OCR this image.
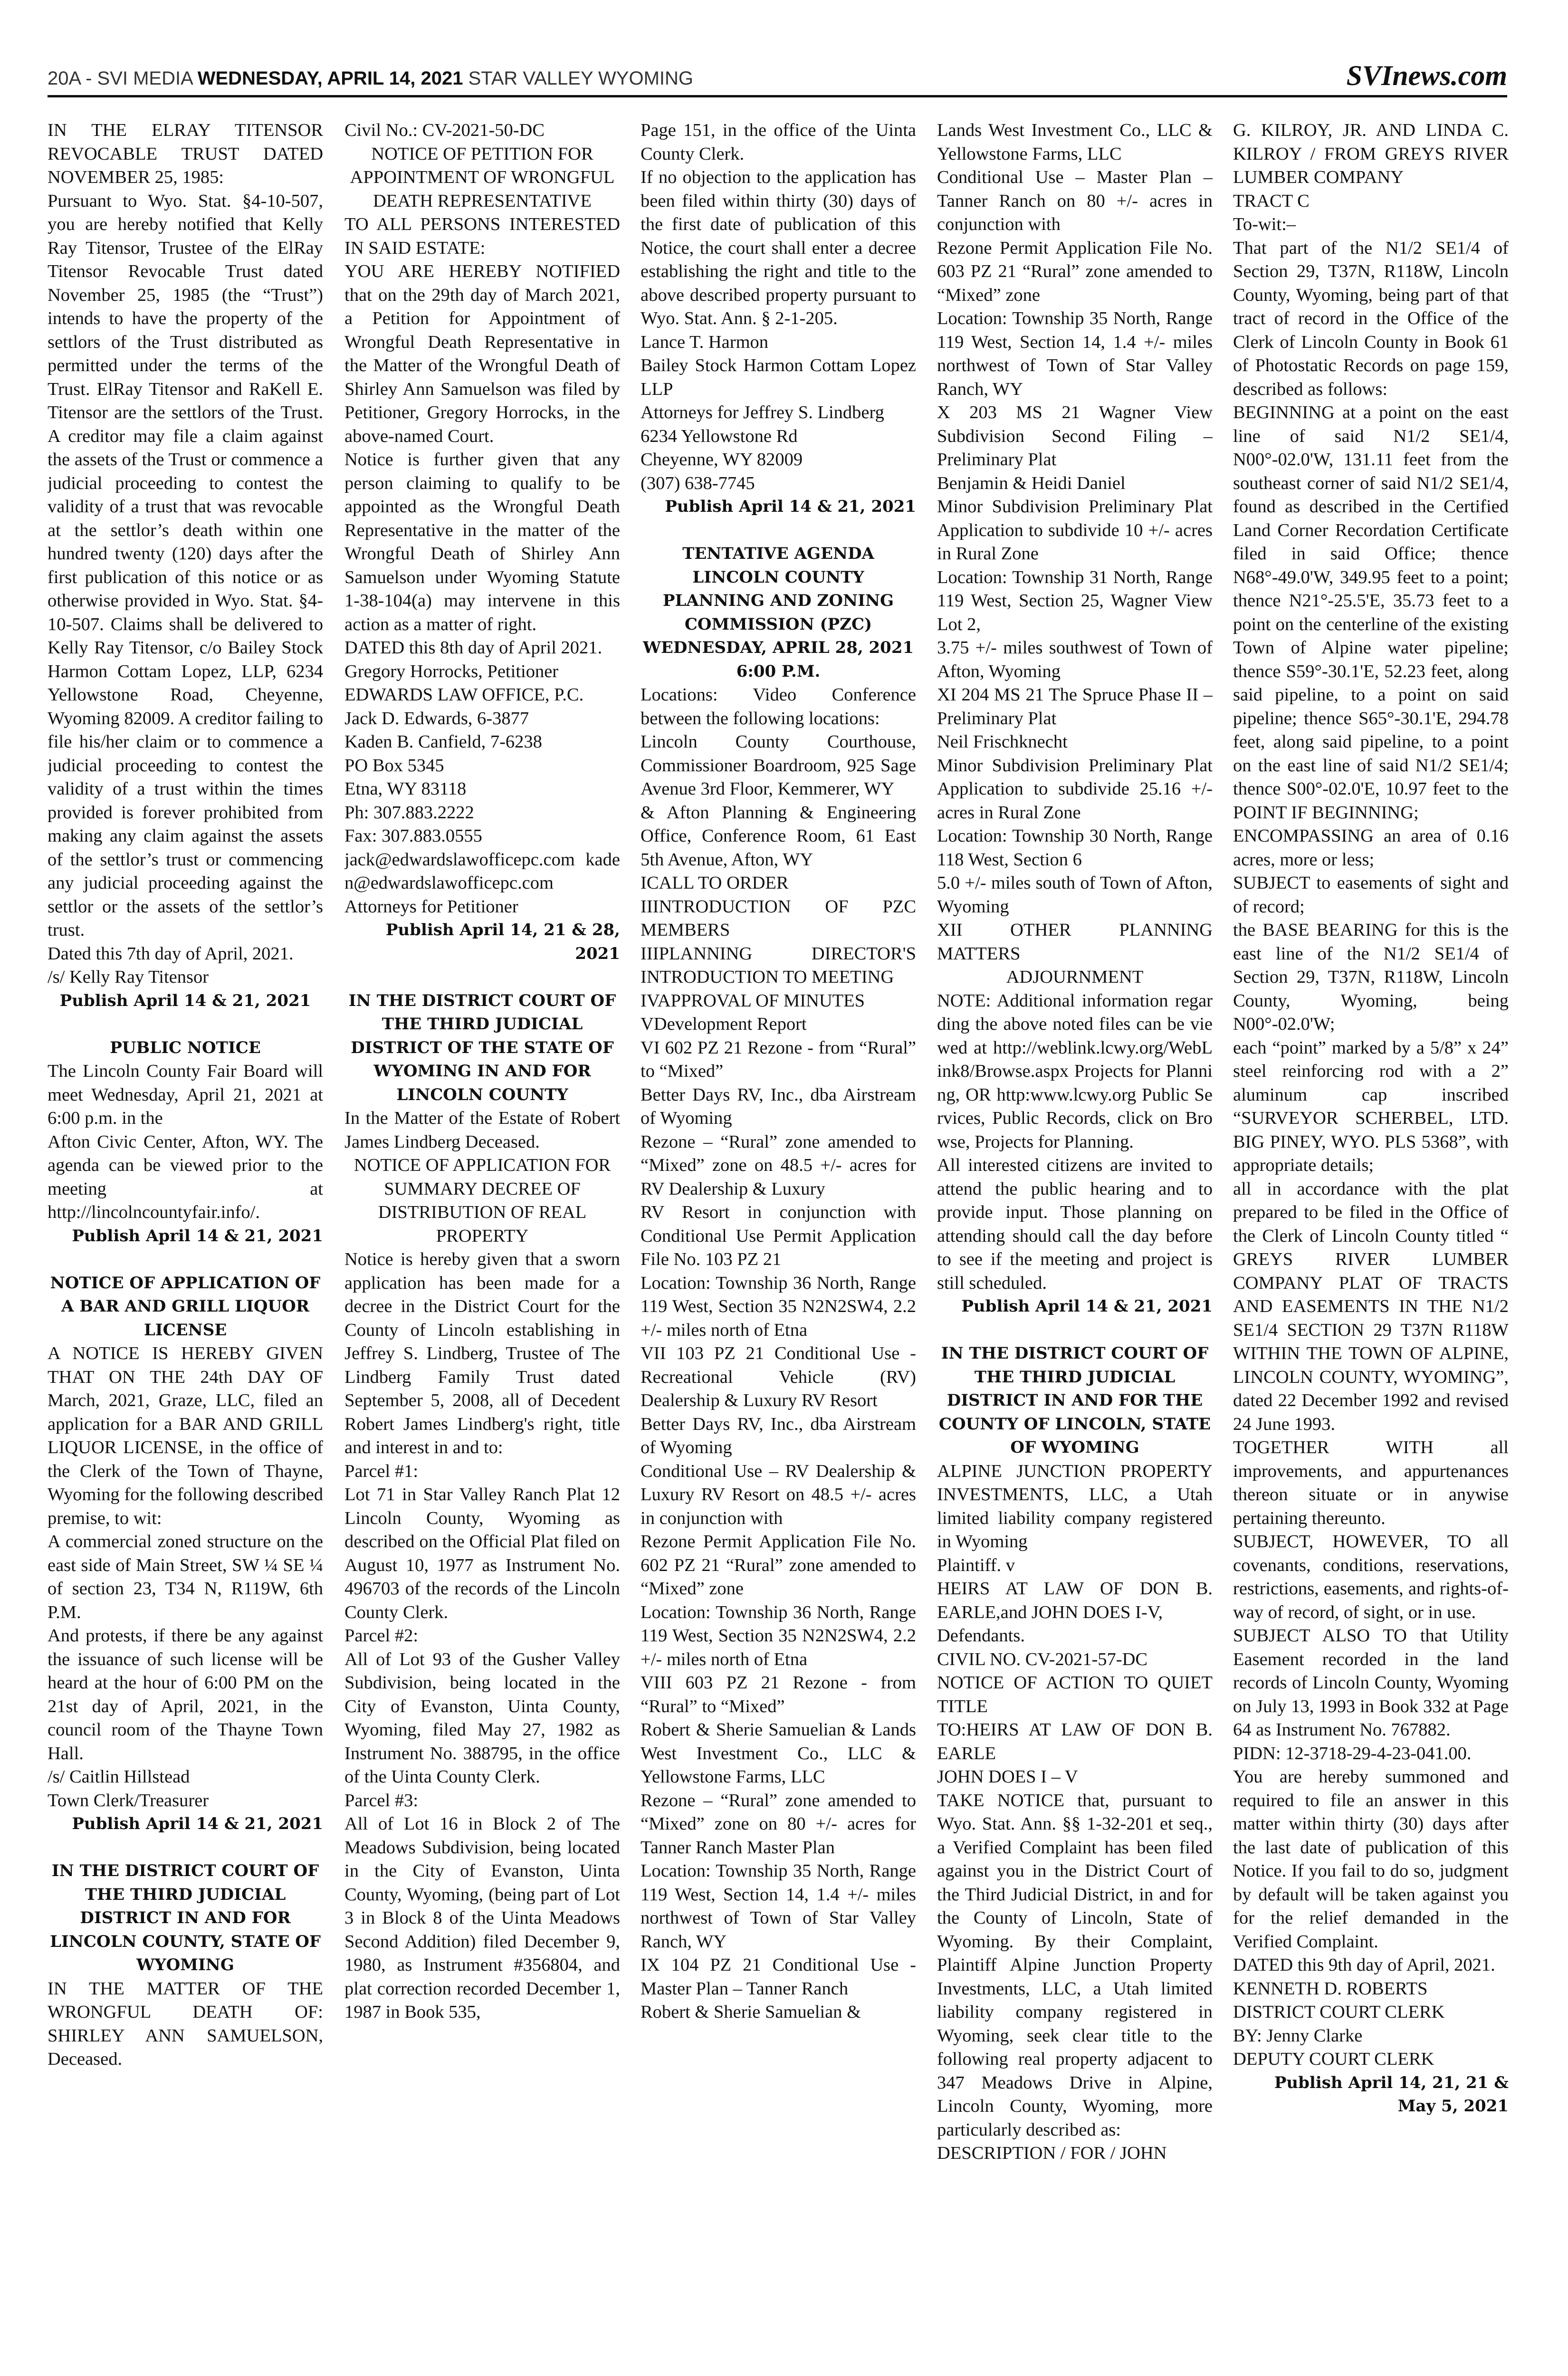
20A - SVI MEDIA WEDNESDAY, APRIL 14, 2021 STAR VALLEY WYOMING	SVInews.com

IN THE ELRAY TITENSOR REVOCABLE TRUST DATED NOVEMBER 25, 1985:

Pursuant to Wyo. Stat. §4-10-507, you are hereby notified that Kelly Ray Titensor, Trustee of the ElRay Titensor Revocable Trust dated November 25, 1985 (the “Trust”) intends to have the property of the settlors of the Trust distributed as permitted under the terms of the Trust. ElRay Titensor and RaKell E. Titensor are the settlors of the Trust. A creditor may file a claim against the assets of the Trust or commence a judicial proceeding to contest the validity of a trust that was revocable at the settlor’s death within one hundred twenty (120) days after the first publication of this notice or as otherwise provided in Wyo. Stat. §4-10-507. Claims shall be delivered to Kelly Ray Titensor, c/o Bailey Stock Harmon Cottam Lopez, LLP, 6234 Yellowstone Road, Cheyenne, Wyoming 82009. A creditor failing to file his/her claim or to commence a judicial proceeding to contest the validity of a trust within the times provided is forever prohibited from making any claim against the assets of the settlor’s trust or commencing any judicial proceeding against the settlor or the assets of the settlor’s trust.

Dated this 7th day of April, 2021.

/s/ Kelly Ray Titensor

Publish April 14 & 21, 2021

PUBLIC NOTICE

The Lincoln County Fair Board will meet Wednesday, April 21, 2021 at 6:00 p.m. in the

Afton Civic Center, Afton, WY. The agenda can be viewed prior to the meeting at http://lincolncountyfair.info/.

Publish April 14 & 21, 2021

NOTICE OF APPLICATION OF A BAR AND GRILL LIQUOR LICENSE

A NOTICE IS HEREBY GIVEN THAT ON THE 24th DAY OF March, 2021, Graze, LLC, filed an application for a BAR AND GRILL LIQUOR LICENSE, in the office of the Clerk of the Town of Thayne, Wyoming for the following described premise, to wit:

A commercial zoned structure on the east side of Main Street, SW ¼ SE ¼ of section 23, T34 N, R119W, 6th P.M.

And protests, if there be any against the issuance of such license will be heard at the hour of 6:00 PM on the 21st day of April, 2021, in the council room of the Thayne Town Hall.

/s/ Caitlin Hillstead

Town Clerk/Treasurer

Publish April 14 & 21, 2021

IN THE DISTRICT COURT OF THE THIRD JUDICIAL DISTRICT IN AND FOR LINCOLN COUNTY, STATE OF WYOMING

IN THE MATTER OF THE WRONGFUL DEATH OF: SHIRLEY ANN SAMUELSON, Deceased.

Civil No.: CV-2021-50-DC

NOTICE OF PETITION FOR APPOINTMENT OF WRONGFUL DEATH REPRESENTATIVE

TO ALL PERSONS INTERESTED IN SAID ESTATE:

YOU ARE HEREBY NOTIFIED that on the 29th day of March 2021, a Petition for Appointment of Wrongful Death Representative in the Matter of the Wrongful Death of Shirley Ann Samuelson was filed by Petitioner, Gregory Horrocks, in the above-named Court.

Notice is further given that any person claiming to qualify to be appointed as the Wrongful Death Representative in the matter of the Wrongful Death of Shirley Ann Samuelson under Wyoming Statute 1-38-104(a) may intervene in this action as a matter of right.

DATED this 8th day of April 2021.

Gregory Horrocks, Petitioner

EDWARDS LAW OFFICE, P.C.

Jack D. Edwards, 6-3877

Kaden B. Canfield, 7-6238

PO Box 5345

Etna, WY 83118

Ph: 307.883.2222

Fax: 307.883.0555

jack@edwardslawofficepc.com kaden@edwardslawofficepc.com

Attorneys for Petitioner

Publish April 14, 21 & 28, 2021

IN THE DISTRICT COURT OF THE THIRD JUDICIAL DISTRICT OF THE STATE OF WYOMING IN AND FOR LINCOLN COUNTY

In the Matter of the Estate of Robert James Lindberg Deceased.

NOTICE OF APPLICATION FOR SUMMARY DECREE OF DISTRIBUTION OF REAL PROPERTY

Notice is hereby given that a sworn application has been made for a decree in the District Court for the County of Lincoln establishing in Jeffrey S. Lindberg, Trustee of The Lindberg Family Trust dated September 5, 2008, all of Decedent Robert James Lindberg's right, title and interest in and to:

Parcel #1:

Lot 71 in Star Valley Ranch Plat 12 Lincoln County, Wyoming as described on the Official Plat filed on August 10, 1977 as Instrument No. 496703 of the records of the Lincoln County Clerk.

Parcel #2:

All of Lot 93 of the Gusher Valley Subdivision, being located in the City of Evanston, Uinta County, Wyoming, filed May 27, 1982 as Instrument No. 388795, in the office of the Uinta County Clerk.

Parcel #3:

All of Lot 16 in Block 2 of The Meadows Subdivision, being located in the City of Evanston, Uinta County, Wyoming, (being part of Lot 3 in Block 8 of the Uinta Meadows Second Addition) filed December 9, 1980, as Instrument #356804, and plat correction recorded December 1, 1987 in Book 535,

Page 151, in the office of the Uinta County Clerk.

If no objection to the application has been filed within thirty (30) days of the first date of publication of this Notice, the court shall enter a decree establishing the right and title to the above described property pursuant to Wyo. Stat. Ann. § 2-1-205.

Lance T. Harmon

Bailey Stock Harmon Cottam Lopez LLP

Attorneys for Jeffrey S. Lindberg

6234 Yellowstone Rd

Cheyenne, WY 82009

(307) 638-7745

Publish April 14 & 21, 2021

TENTATIVE AGENDA LINCOLN COUNTY PLANNING AND ZONING COMMISSION (PZC) WEDNESDAY, APRIL 28, 2021 6:00 P.M.

Locations: Video Conference between the following locations:

Lincoln County Courthouse, Commissioner Boardroom, 925 Sage Avenue 3rd Floor, Kemmerer, WY

& Afton Planning & Engineering Office, Conference Room, 61 East 5th Avenue, Afton, WY

ICALL TO ORDER

IIINTRODUCTION OF PZC MEMBERS

IIIPLANNING DIRECTOR'S INTRODUCTION TO MEETING

IVAPPROVAL OF MINUTES

VDevelopment Report

VI 602 PZ 21 Rezone - from “Rural” to “Mixed”

Better Days RV, Inc., dba Airstream of Wyoming

Rezone – “Rural” zone amended to “Mixed” zone on 48.5 +/- acres for RV Dealership & Luxury

RV Resort in conjunction with Conditional Use Permit Application File No. 103 PZ 21

Location: Township 36 North, Range 119 West, Section 35 N2N2SW4, 2.2 +/- miles north of Etna

VII 103 PZ 21 Conditional Use - Recreational Vehicle (RV) Dealership & Luxury RV Resort

Better Days RV, Inc., dba Airstream of Wyoming

Conditional Use – RV Dealership & Luxury RV Resort on 48.5 +/- acres in conjunction with

Rezone Permit Application File No. 602 PZ 21 “Rural” zone amended to “Mixed” zone

Location: Township 36 North, Range 119 West, Section 35 N2N2SW4, 2.2 +/- miles north of Etna

VIII 603 PZ 21 Rezone - from “Rural” to “Mixed”

Robert & Sherie Samuelian & Lands West Investment Co., LLC & Yellowstone Farms, LLC

Rezone – “Rural” zone amended to “Mixed” zone on 80 +/- acres for Tanner Ranch Master Plan

Location: Township 35 North, Range 119 West, Section 14, 1.4 +/- miles northwest of Town of Star Valley Ranch, WY

IX 104 PZ 21 Conditional Use - Master Plan – Tanner Ranch

Robert & Sherie Samuelian &

Lands West Investment Co., LLC & Yellowstone Farms, LLC

Conditional Use – Master Plan – Tanner Ranch on 80 +/- acres in conjunction with

Rezone Permit Application File No. 603 PZ 21 “Rural” zone amended to “Mixed” zone

Location: Township 35 North, Range 119 West, Section 14, 1.4 +/- miles northwest of Town of Star Valley Ranch, WY

X 203 MS 21 Wagner View Subdivision Second Filing – Preliminary Plat

Benjamin & Heidi Daniel

Minor Subdivision Preliminary Plat Application to subdivide 10 +/- acres in Rural Zone

Location: Township 31 North, Range 119 West, Section 25, Wagner View Lot 2,

3.75 +/- miles southwest of Town of Afton, Wyoming

XI 204 MS 21 The Spruce Phase II – Preliminary Plat

Neil Frischknecht

Minor Subdivision Preliminary Plat Application to subdivide 25.16 +/- acres in Rural Zone

Location: Township 30 North, Range 118 West, Section 6

5.0 +/- miles south of Town of Afton, Wyoming

XII OTHER PLANNING MATTERS

ADJOURNMENT

NOTE: Additional information regarding the above noted files can be viewed at http://weblink.lcwy.org/WebLink8/Browse.aspx Projects for Planning, OR http:www.lcwy.org Public Services, Public Records, click on Browse, Projects for Planning.

All interested citizens are invited to attend the public hearing and to provide input. Those planning on attending should call the day before to see if the meeting and project is still scheduled.

Publish April 14 & 21, 2021

IN THE DISTRICT COURT OF THE THIRD JUDICIAL DISTRICT IN AND FOR THE COUNTY OF LINCOLN, STATE OF WYOMING

ALPINE JUNCTION PROPERTY INVESTMENTS, LLC, a Utah limited liability company registered in Wyoming

Plaintiff. v

HEIRS AT LAW OF DON B. EARLE,and JOHN DOES I-V,

Defendants.

CIVIL NO. CV-2021-57-DC

NOTICE OF ACTION TO QUIET TITLE

TO:HEIRS AT LAW OF DON B. EARLE

JOHN DOES I – V

TAKE NOTICE that, pursuant to Wyo. Stat. Ann. §§ 1-32-201 et seq., a Verified Complaint has been filed against you in the District Court of the Third Judicial District, in and for the County of Lincoln, State of Wyoming. By their Complaint, Plaintiff Alpine Junction Property Investments, LLC, a Utah limited liability company registered in Wyoming, seek clear title to the following real property adjacent to 347 Meadows Drive in Alpine, Lincoln County, Wyoming, more particularly described as:

DESCRIPTION / FOR / JOHN

G. KILROY, JR. AND LINDA C. KILROY / FROM GREYS RIVER LUMBER COMPANY

TRACT C

To-wit:–

That part of the N1/2 SE1/4 of Section 29, T37N, R118W, Lincoln County, Wyoming, being part of that tract of record in the Office of the Clerk of Lincoln County in Book 61 of Photostatic Records on page 159, described as follows:

BEGINNING at a point on the east line of said N1/2 SE1/4, N00°-02.0'W, 131.11 feet from the southeast corner of said N1/2 SE1/4, found as described in the Certified Land Corner Recordation Certificate filed in said Office; thence N68°-49.0'W, 349.95 feet to a point; thence N21°-25.5'E, 35.73 feet to a point on the centerline of the existing Town of Alpine water pipeline; thence S59°-30.1'E, 52.23 feet, along said pipeline, to a point on said pipeline; thence S65°-30.1'E, 294.78 feet, along said pipeline, to a point on the east line of said N1/2 SE1/4; thence S00°-02.0'E, 10.97 feet to the POINT IF BEGINNING;

ENCOMPASSING an area of 0.16 acres, more or less;

SUBJECT to easements of sight and of record;

the BASE BEARING for this is the east line of the N1/2 SE1/4 of Section 29, T37N, R118W, Lincoln County, Wyoming, being N00°-02.0'W;

each “point” marked by a 5/8” x 24” steel reinforcing rod with a 2” aluminum cap inscribed “SURVEYOR SCHERBEL, LTD. BIG PINEY, WYO. PLS 5368”, with appropriate details;

all in accordance with the plat prepared to be filed in the Office of the Clerk of Lincoln County titled “ GREYS RIVER LUMBER COMPANY PLAT OF TRACTS AND EASEMENTS IN THE N1/2 SE1/4 SECTION 29 T37N R118W WITHIN THE TOWN OF ALPINE, LINCOLN COUNTY, WYOMING”, dated 22 December 1992 and revised 24 June 1993.

TOGETHER WITH all improvements, and appurtenances thereon situate or in anywise pertaining thereunto.

SUBJECT, HOWEVER, TO all covenants, conditions, reservations, restrictions, easements, and rights-of-way of record, of sight, or in use.

SUBJECT ALSO TO that Utility Easement recorded in the land records of Lincoln County, Wyoming on July 13, 1993 in Book 332 at Page 64 as Instrument No. 767882.

PIDN: 12-3718-29-4-23-041.00.

You are hereby summoned and required to file an answer in this matter within thirty (30) days after the last date of publication of this Notice. If you fail to do so, judgment by default will be taken against you for the relief demanded in the Verified Complaint.

DATED this 9th day of April, 2021.

KENNETH D. ROBERTS

DISTRICT COURT CLERK

BY: Jenny Clarke

DEPUTY COURT CLERK

Publish April 14, 21, 21 & May 5, 2021
